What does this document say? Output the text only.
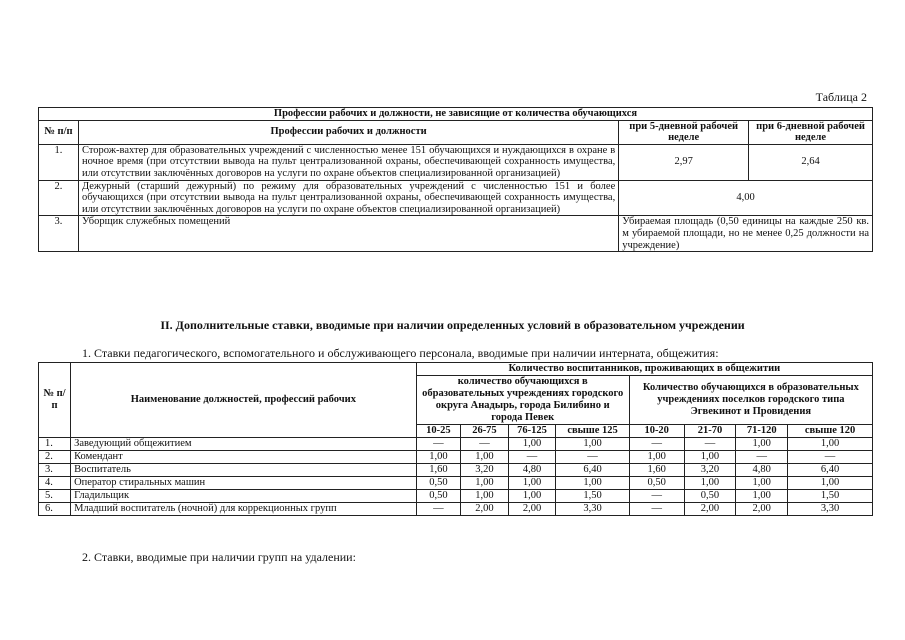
Таблица 2
Профессии рабочих и должности, не зависящие от количества обучающихся			
№ п/п	Профессии рабочих и должности	при 5-дневной рабочей неделе	при 6-дневной рабочей неделе
1.	Сторож-вахтер для образовательных учреждений с численностью менее 151 обучающихся и нуждающихся в охране в ночное время (при отсутствии вывода на пульт централизованной охраны, обеспечивающей сохранность имущества, или отсутствии заключённых договоров на услуги по охране объектов специализированной организацией)	2,97	2,64
2.	Дежурный (старший дежурный) по режиму для образовательных учреждений с численностью 151 и более обучающихся (при отсутствии вывода на пульт централизованной охраны, обеспечивающей сохранность имущества, или отсутствии заключённых договоров на услуги по охране объектов специализированной организацией)	4,00	
3.	Уборщик служебных помещений	Убираемая площадь (0,50 единицы на каждые 250 кв. м убираемой площади, но не менее 0,25 должности на учреждение)	
II. Дополнительные ставки, вводимые при наличии определенных условий в образовательном учреждении
1. Ставки педагогического, вспомогательного и обслуживающего персонала, вводимые при наличии интерната, общежития:
№ п/п	Наименование должностей, профессий рабочих	Количество воспитанников, проживающих в общежитии							
		количество обучающихся в образовательных учреждениях городского округа Анадырь, города Билибино и города Певек				Количество обучающихся в образовательных учреждениях поселков городского типа Эгвекинот и Провидения			
		10-25	26-75	76-125	свыше 125	10-20	21-70	71-120	свыше 120
1.	Заведующий общежитием	—	—	1,00	1,00	—	—	1,00	1,00
2.	Комендант	1,00	1,00	—	—	1,00	1,00	—	—
3.	Воспитатель	1,60	3,20	4,80	6,40	1,60	3,20	4,80	6,40
4.	Оператор стиральных машин	0,50	1,00	1,00	1,00	0,50	1,00	1,00	1,00
5.	Гладильщик	0,50	1,00	1,00	1,50	—	0,50	1,00	1,50
6.	Младший воспитатель (ночной) для коррекционных групп	—	2,00	2,00	3,30	—	2,00	2,00	3,30
2. Ставки, вводимые при наличии групп на удалении:
